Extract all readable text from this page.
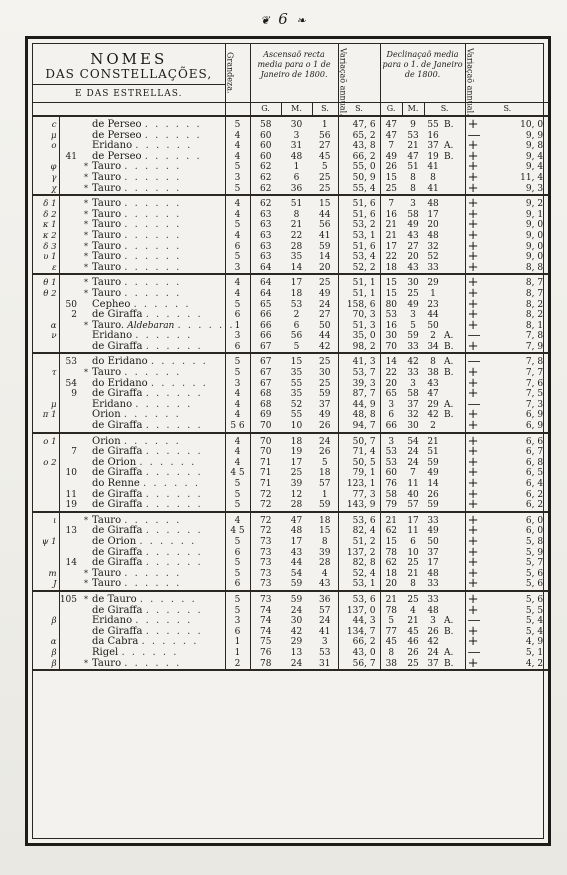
❦ 6 ❧
NOMES
DAS CONSTELLAÇÕES,
E DAS ESTRELLAS.				Grandeza.	Ascensaõ recta media para o 1 de Janeiro de 1800.			Variaçaõ annual.	Declinaçaõ media para o 1. de Janeiro de 1800.				Variaçaõ annual.	

					G.	M.	S.	S.	G.	M.	S.		S.	
c			de Perseo . . . . . .	5	58	30	1	47, 6	47	9	55	B.	+	10, 0
μ			de Perseo . . . . . .	4	60	3	56	65, 2	47	53	16		—	9, 9
ο			Eridano . . . . . .	4	60	31	27	43, 8	7	21	37	A.	+	9, 8
	41		de Perseo . . . . . .	4	60	48	45	66, 2	49	47	19	B.	+	9, 4
φ		*	Tauro . . . . . .	5	62	1	5	55, 0	26	51	41		+	9, 4
γ		*	Tauro . . . . . .	3	62	6	25	50, 9	15	8	8		+	11, 4
χ		*	Tauro . . . . . .	5	62	36	25	55, 4	25	8	41		+	9, 3
δ 1		*	Tauro . . . . . .	4	62	51	15	51, 6	7	3	48		+	9, 2
δ 2		*	Tauro . . . . . .	4	63	8	44	51, 6	16	58	17		+	9, 1
κ 1		*	Tauro . . . . . .	5	63	21	56	53, 2	21	49	20		+	9, 0
κ 2		*	Tauro . . . . . .	4	63	22	41	53, 1	21	43	48		+	9, 0
δ 3		*	Tauro . . . . . .	6	63	28	59	51, 6	17	27	32		+	9, 0
υ 1		*	Tauro . . . . . .	5	63	35	14	53, 4	22	20	52		+	9, 0
ε		*	Tauro . . . . . .	3	64	14	20	52, 2	18	43	33		+	8, 8
θ 1		*	Tauro . . . . . .	4	64	17	25	51, 1	15	30	29		+	8, 7
θ 2		*	Tauro . . . . . .	4	64	18	49	51, 1	15	25	1		+	8, 7
	50		Cepheo . . . . . .	5	65	53	24	158, 6	80	49	23		+	8, 2
	2		de Giraffa . . . . . .	6	66	2	27	70, 3	53	3	44		+	8, 2
α		*	Tauro. Aldebaran . . . . . .	1	66	6	50	51, 3	16	5	50		+	8, 1
ν			Eridano . . . . . .	3	66	56	44	35, 0	30	59	2	A.	—	7, 8
			de Giraffa . . . . . .	6	67	5	42	98, 2	70	33	34	B.	+	7, 9
	53		do Eridano . . . . . .	5	67	15	25	41, 3	14	42	8	A.	—	7, 8
τ		*	Tauro . . . . . .	5	67	35	30	53, 7	22	33	38	B.	+	7, 7
	54		do Eridano . . . . . .	3	67	55	25	39, 3	20	3	43		+	7, 6
	9		de Giraffa . . . . . .	4	68	35	59	87, 7	65	58	47		+	7, 5
μ			Eridano . . . . . .	4	68	52	37	44, 9	3	37	29	A.	—	7, 3
π 1			Orion . . . . . .	4	69	55	49	48, 8	6	32	42	B.	+	6, 9
			de Giraffa . . . . . .	5 6	70	10	26	94, 7	66	30	2		+	6, 9
ο 1			Orion . . . . . .	4	70	18	24	50, 7	3	54	21		+	6, 6
	7		de Giraffa . . . . . .	4	70	19	26	71, 4	53	24	51		+	6, 7
ο 2			de Orion . . . . . .	4	71	17	5	50, 5	53	24	59		+	6, 8
	10		de Giraffa . . . . . .	4 5	71	25	18	79, 1	60	7	49		+	6, 5
			do Renne . . . . . .	5	71	39	57	123, 1	76	11	14		+	6, 4
	11		de Giraffa . . . . . .	5	72	12	1	77, 3	58	40	26		+	6, 2
	19		de Giraffa . . . . . .	5	72	28	59	143, 9	79	57	59		+	6, 2
ι		*	Tauro . . . . . .	4	72	47	18	53, 6	21	17	33		+	6, 0
	13		de Giraffa . . . . . .	4 5	72	48	15	82, 4	62	11	49		+	6, 0
ψ 1			de Orion . . . . . .	5	73	17	8	51, 2	15	6	50		+	5, 8
			de Giraffa . . . . . .	6	73	43	39	137, 2	78	10	37		+	5, 9
	14		de Giraffa . . . . . .	5	73	44	28	82, 8	62	25	17		+	5, 7
m		*	Tauro . . . . . .	5	73	54	4	52, 4	18	21	48		+	5, 6
J		*	Tauro . . . . . .	6	73	59	43	53, 1	20	8	33		+	5, 6
	105	*	de Tauro . . . . . .	5	73	59	36	53, 6	21	25	33		+	5, 6
			de Giraffa . . . . . .	5	74	24	57	137, 0	78	4	48		+	5, 5
β			Eridano . . . . . .	3	74	30	24	44, 3	5	21	3	A.	—	5, 4
			de Giraffa . . . . . .	6	74	42	41	134, 7	77	45	26	B.	+	5, 4
α			da Cabra . . . . . .	1	75	29	3	66, 2	45	46	42		+	4, 9
β			Rigel . . . . . .	1	76	13	53	43, 0	8	26	24	A.	—	5, 1
β		*	Tauro . . . . . .	2	78	24	31	56, 7	38	25	37	B.	+	4, 2
